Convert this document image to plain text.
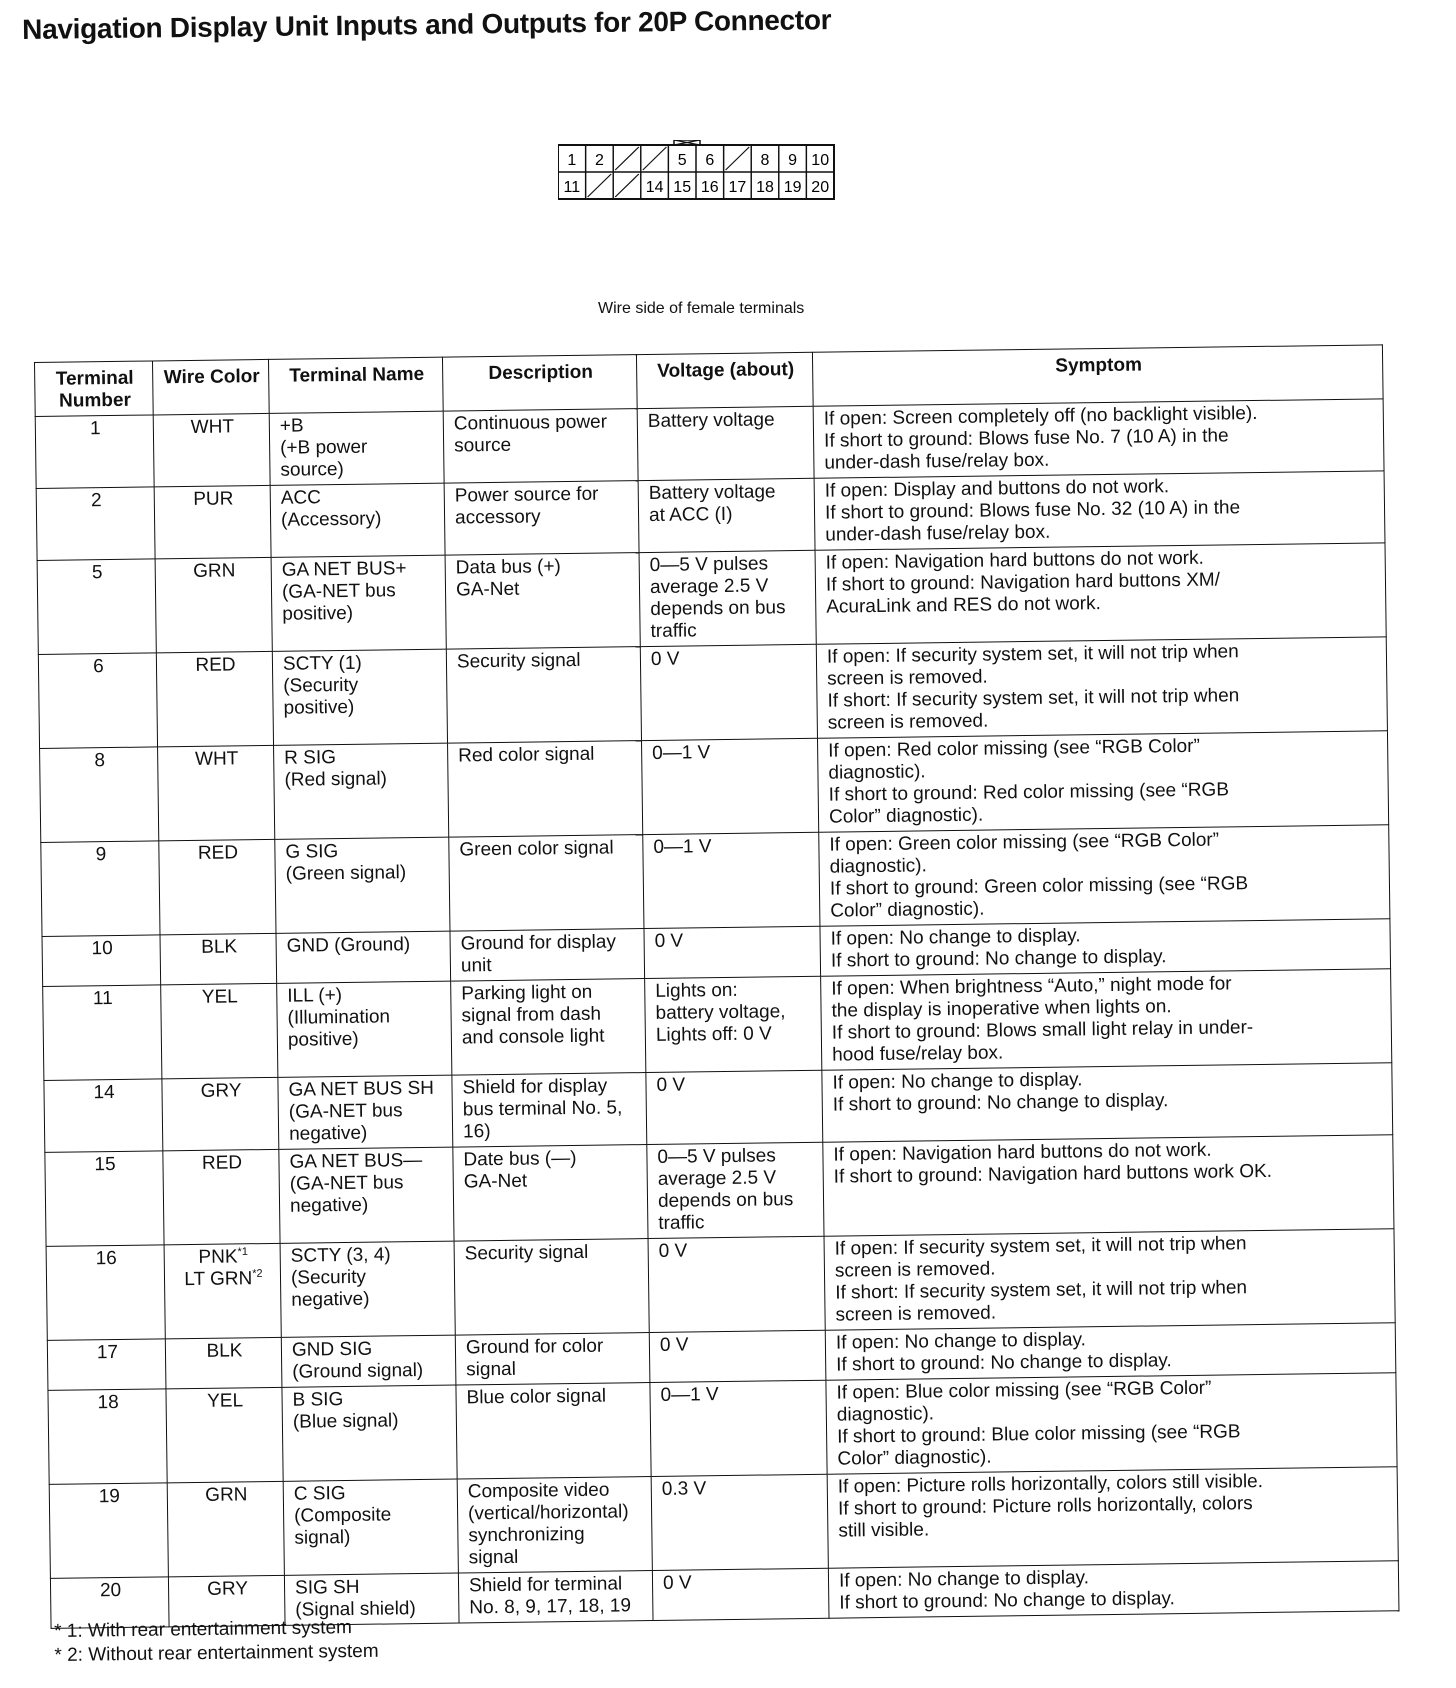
Navigation Display Unit Inputs and Outputs for 20P Connector
1 2	5 6	8 9 10
11	14 15 16 17 18 19 20
Wire side of female terminals
Terminal Number	Wire Color	Terminal Name	Description	Voltage (about)	Symptom
1	WHT	+B
(+B power
source)	Continuous power
source	Battery voltage	If open: Screen completely off (no backlight visible).
If short to ground: Blows fuse No. 7 (10 A) in the
under-dash fuse/relay box.

2	PUR	ACC
(Accessory)	Power source for
accessory	Battery voltage
at ACC (I)	If open: Display and buttons do not work.
If short to ground: Blows fuse No. 32 (10 A) in the
under-dash fuse/relay box.

5	GRN	GA NET BUS+
(GA-NET bus
positive)	Data bus (+)
GA-Net	0—5 V pulses
average 2.5 V
depends on bus
traffic	If open: Navigation hard buttons do not work.
If short to ground: Navigation hard buttons XM/
AcuraLink and RES do not work.

6	RED	SCTY (1)
(Security
positive)	Security signal	0 V	If open: If security system set, it will not trip when
screen is removed.
If short: If security system set, it will not trip when
screen is removed.

8	WHT	R SIG
(Red signal)	Red color signal	0—1 V	If open: Red color missing (see “RGB Color”
diagnostic).
If short to ground: Red color missing (see “RGB
Color” diagnostic).

9	RED	G SIG
(Green signal)	Green color signal	0—1 V	If open: Green color missing (see “RGB Color”
diagnostic).
If short to ground: Green color missing (see “RGB
Color” diagnostic).

10	BLK	GND (Ground)	Ground for display
unit	0 V	If open: No change to display.
If short to ground: No change to display.

11	YEL	ILL (+)
(Illumination
positive)	Parking light on
signal from dash
and console light	Lights on:
battery voltage,
Lights off: 0 V	If open: When brightness “Auto,” night mode for
the display is inoperative when lights on.
If short to ground: Blows small light relay in under-
hood fuse/relay box.

14	GRY	GA NET BUS SH
(GA-NET bus
negative)	Shield for display
bus terminal No. 5,
16)	0 V	If open: No change to display.
If short to ground: No change to display.

15	RED	GA NET BUS—
(GA-NET bus
negative)	Date bus (—)
GA-Net	0—5 V pulses
average 2.5 V
depends on bus
traffic	If open: Navigation hard buttons do not work.
If short to ground: Navigation hard buttons work OK.

16	PNK$^{*1}$
LT GRN$^{*2}$	SCTY (3, 4)
(Security
negative)	Security signal	0 V	If open: If security system set, it will not trip when
screen is removed.
If short: If security system set, it will not trip when
screen is removed.

17	BLK	GND SIG
(Ground signal)	Ground for color
signal	0 V	If open: No change to display.
If short to ground: No change to display.

18	YEL	B SIG
(Blue signal)	Blue color signal	0—1 V	If open: Blue color missing (see “RGB Color”
diagnostic).
If short to ground: Blue color missing (see “RGB
Color” diagnostic).

19	GRN	C SIG
(Composite
signal)	Composite video
(vertical/horizontal)
synchronizing
signal	0.3 V	If open: Picture rolls horizontally, colors still visible.
If short to ground: Picture rolls horizontally, colors
still visible.

20	GRY	SIG SH
(Signal shield)	Shield for terminal
No. 8, 9, 17, 18, 19	0 V	If open: No change to display.
If short to ground: No change to display.
* 1: With rear entertainment system
* 2: Without rear entertainment system
